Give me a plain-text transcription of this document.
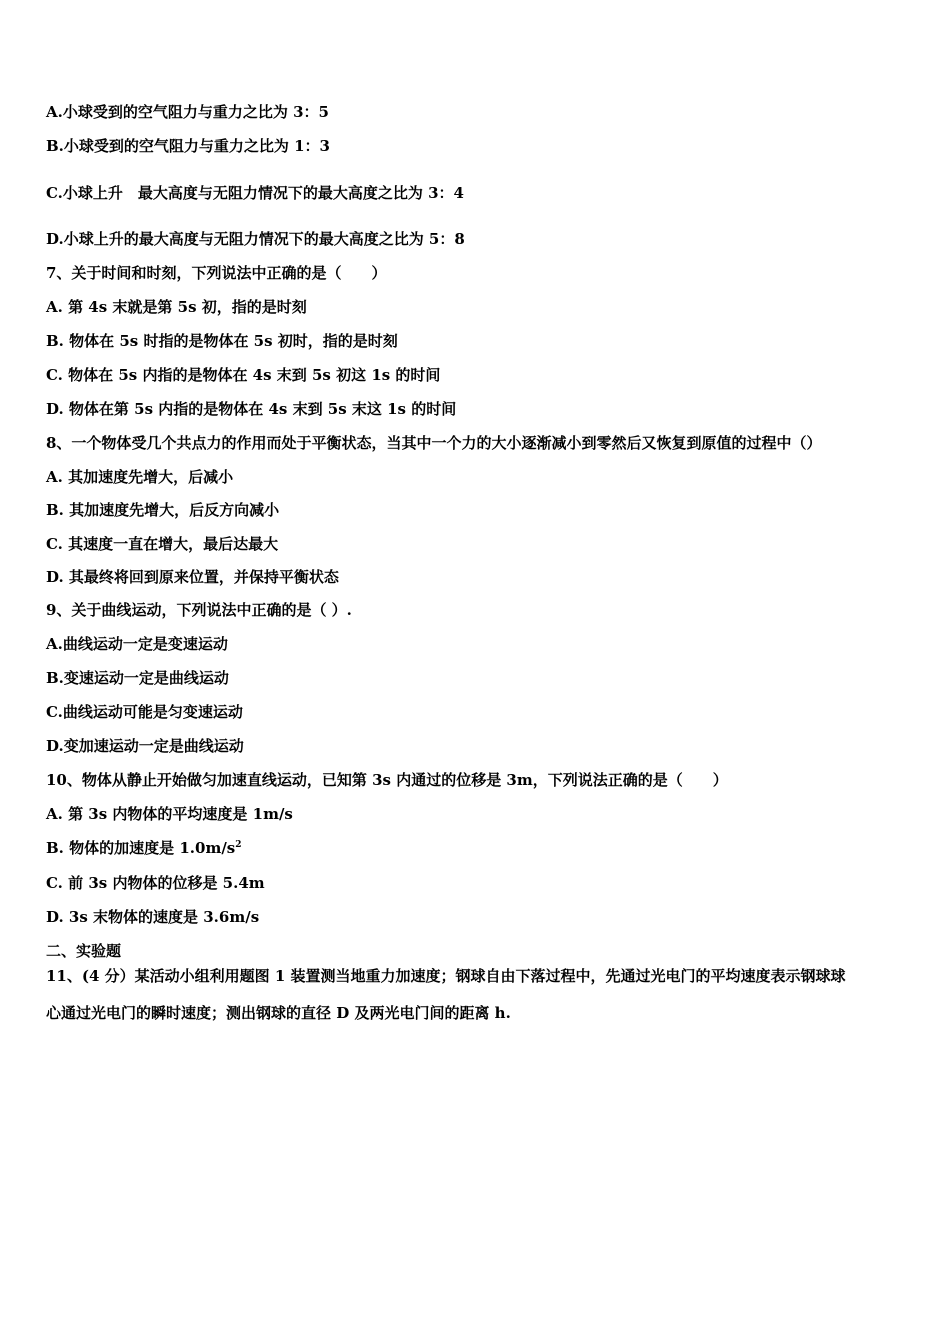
A.小球受到的空气阻力与重力之比为 3：5
B.小球受到的空气阻力与重力之比为 1：3
C.小球上升　最大高度与无阻力情况下的最大高度之比为 3：4
D.小球上升的最大高度与无阻力情况下的最大高度之比为 5：8
7、关于时间和时刻，下列说法中正确的是（　　）
A. 第 4s 末就是第 5s 初，指的是时刻
B. 物体在 5s 时指的是物体在 5s 初时，指的是时刻
C. 物体在 5s 内指的是物体在 4s 末到 5s 初这 1s 的时间
D. 物体在第 5s 内指的是物体在 4s 末到 5s 末这 1s 的时间
8、一个物体受几个共点力的作用而处于平衡状态，当其中一个力的大小逐渐减小到零然后又恢复到原值的过程中（）
A. 其加速度先增大，后减小
B. 其加速度先增大，后反方向减小
C. 其速度一直在增大，最后达最大
D. 其最终将回到原来位置，并保持平衡状态
9、关于曲线运动，下列说法中正确的是（ ）.
A.曲线运动一定是变速运动
B.变速运动一定是曲线运动
C.曲线运动可能是匀变速运动
D.变加速运动一定是曲线运动
10、物体从静止开始做匀加速直线运动，已知第 3s 内通过的位移是 3m，下列说法正确的是（　　）
A. 第 3s 内物体的平均速度是 1m/s
B. 物体的加速度是 $1.0m/s^2$
C. 前 3s 内物体的位移是 5.4m
D. 3s 末物体的速度是 3.6m/s
二、实验题
11、(4 分）某活动小组利用题图 1 装置测当地重力加速度；钢球自由下落过程中，先通过光电门的平均速度表示钢球球
心通过光电门的瞬时速度；测出钢球的直径 D 及两光电门间的距离 h.
